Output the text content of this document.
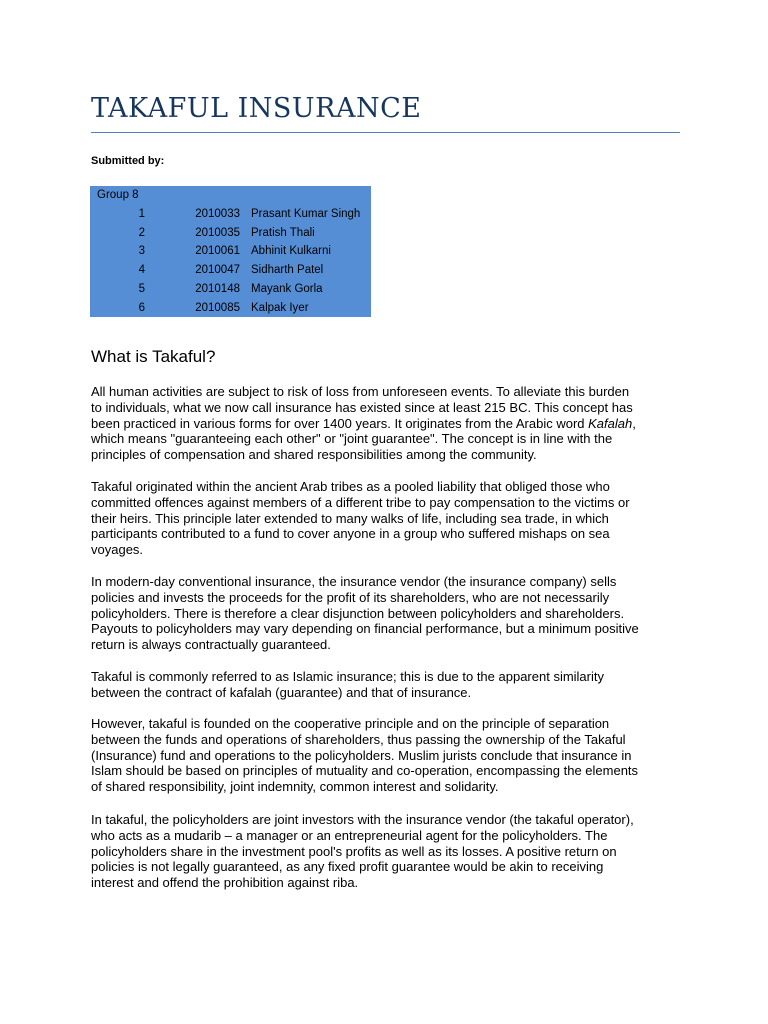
TAKAFUL INSURANCE
Submitted by:
Group 8		
1	2010033	Prasant Kumar Singh
2	2010035	Pratish Thali
3	2010061	Abhinit Kulkarni
4	2010047	Sidharth Patel
5	2010148	Mayank Gorla
6	2010085	Kalpak Iyer
What is Takaful?

All human activities are subject to risk of loss from unforeseen events. To alleviate this burden
to individuals, what we now call insurance has existed since at least 215 BC. This concept has
been practiced in various forms for over 1400 years. It originates from the Arabic word Kafalah,
which means "guaranteeing each other" or "joint guarantee". The concept is in line with the
principles of compensation and shared responsibilities among the community.

Takaful originated within the ancient Arab tribes as a pooled liability that obliged those who
committed offences against members of a different tribe to pay compensation to the victims or
their heirs. This principle later extended to many walks of life, including sea trade, in which
participants contributed to a fund to cover anyone in a group who suffered mishaps on sea
voyages.

In modern-day conventional insurance, the insurance vendor (the insurance company) sells
policies and invests the proceeds for the profit of its shareholders, who are not necessarily
policyholders. There is therefore a clear disjunction between policyholders and shareholders.
Payouts to policyholders may vary depending on financial performance, but a minimum positive
return is always contractually guaranteed.

Takaful is commonly referred to as Islamic insurance; this is due to the apparent similarity
between the contract of kafalah (guarantee) and that of insurance.

However, takaful is founded on the cooperative principle and on the principle of separation
between the funds and operations of shareholders, thus passing the ownership of the Takaful
(Insurance) fund and operations to the policyholders. Muslim jurists conclude that insurance in
Islam should be based on principles of mutuality and co-operation, encompassing the elements
of shared responsibility, joint indemnity, common interest and solidarity.

In takaful, the policyholders are joint investors with the insurance vendor (the takaful operator),
who acts as a mudarib – a manager or an entrepreneurial agent for the policyholders. The
policyholders share in the investment pool's profits as well as its losses. A positive return on
policies is not legally guaranteed, as any fixed profit guarantee would be akin to receiving
interest and offend the prohibition against riba.
